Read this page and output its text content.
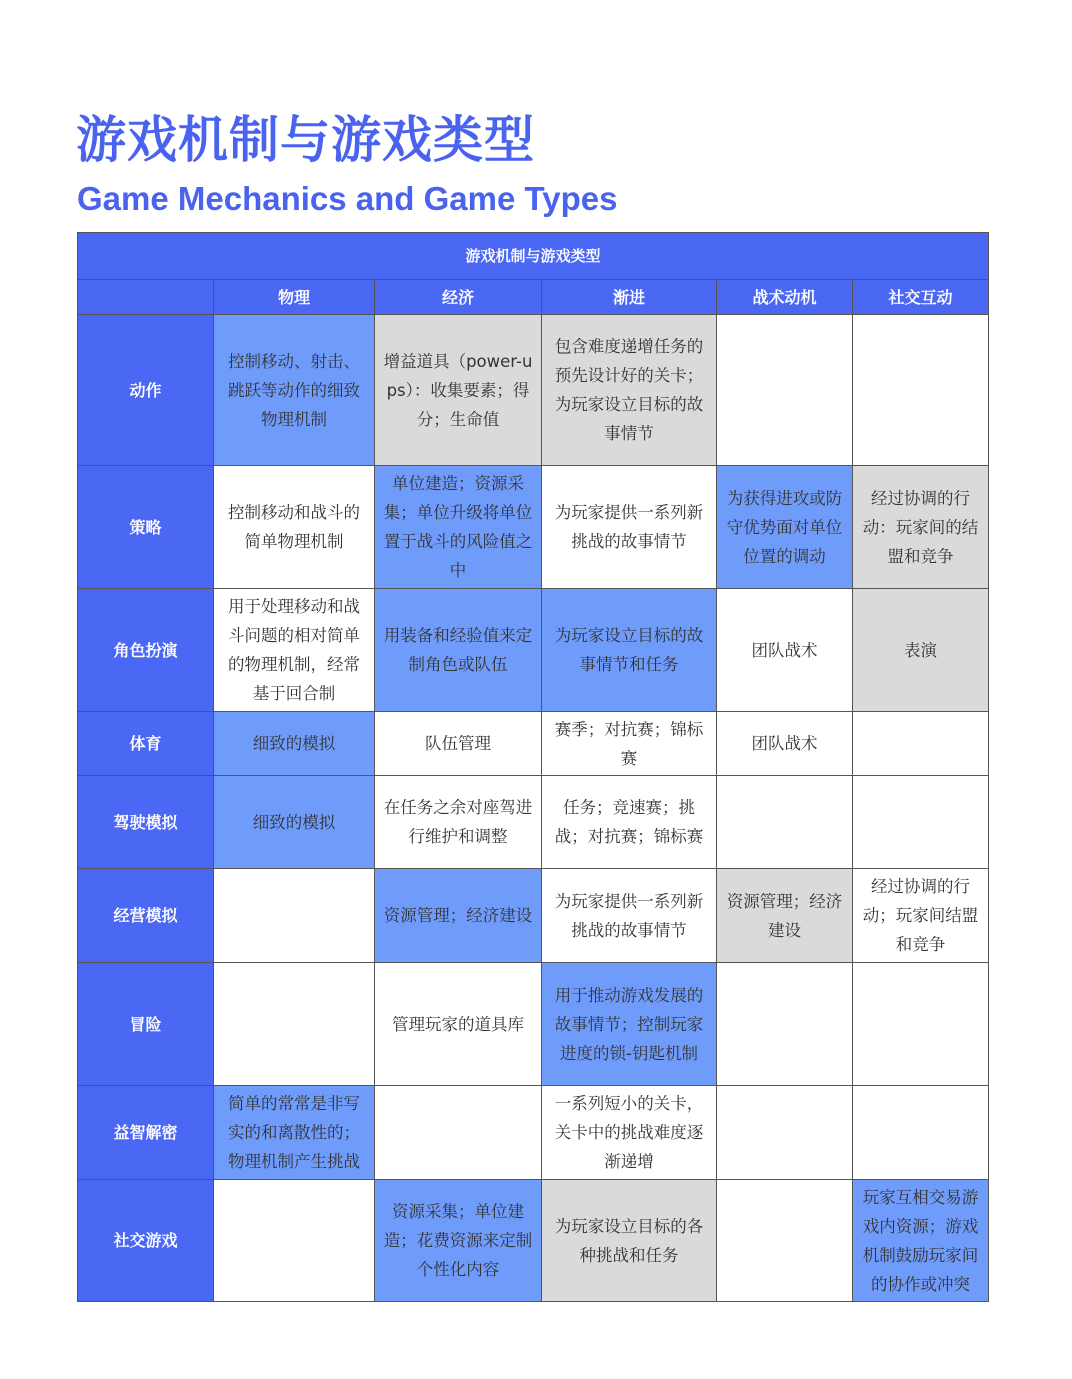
游戏机制与游戏类型
Game Mechanics and Game Types
游戏机制与游戏类型					
	物理	经济	渐进	战术动机	社交互动
动作	控制移动、射击、跳跃等动作的细致物理机制	增益道具（power-ups）：收集要素；得分；生命值	包含难度递增任务的预先设计好的关卡；为玩家设立目标的故事情节		
策略	控制移动和战斗的简单物理机制	单位建造；资源采集；单位升级将单位置于战斗的风险值之中	为玩家提供一系列新挑战的故事情节	为获得进攻或防守优势面对单位位置的调动	经过协调的行动：玩家间的结盟和竞争
角色扮演	用于处理移动和战斗问题的相对简单的物理机制，经常基于回合制	用装备和经验值来定制角色或队伍	为玩家设立目标的故事情节和任务	团队战术	表演
体育	细致的模拟	队伍管理	赛季；对抗赛；锦标赛	团队战术	
驾驶模拟	细致的模拟	在任务之余对座驾进行维护和调整	任务；竞速赛；挑战；对抗赛；锦标赛		
经营模拟		资源管理；经济建设	为玩家提供一系列新挑战的故事情节	资源管理；经济建设	经过协调的行动；玩家间结盟和竞争
冒险		管理玩家的道具库	用于推动游戏发展的故事情节；控制玩家进度的锁-钥匙机制		
益智解密	简单的常常是非写实的和离散性的；物理机制产生挑战		一系列短小的关卡，关卡中的挑战难度逐渐递增		
社交游戏		资源采集；单位建造；花费资源来定制个性化内容	为玩家设立目标的各种挑战和任务		玩家互相交易游戏内资源；游戏机制鼓励玩家间的协作或冲突
